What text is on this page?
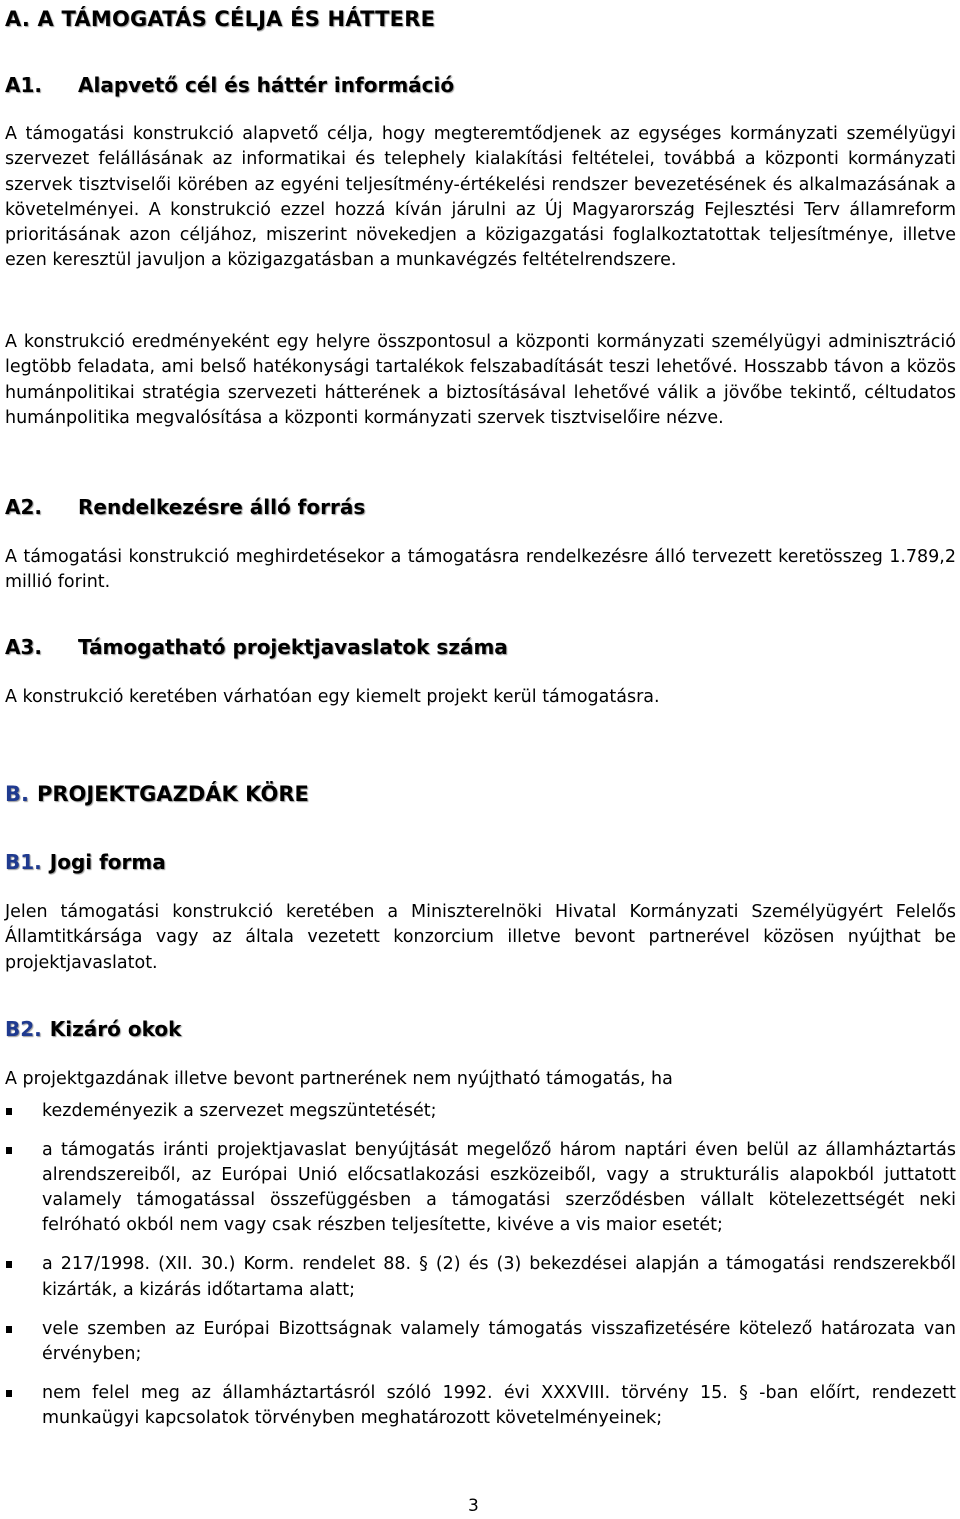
A. A TÁMOGATÁS CÉLJA ÉS HÁTTERE
A1.	Alapvető cél és háttér információ

A támogatási konstrukció alapvető célja, hogy megteremtődjenek az egységes kormányzati személyügyi szervezet felállásának az informatikai és telephely kialakítási feltételei, továbbá a központi kormányzati szervek tisztviselői körében az egyéni teljesítmény-értékelési rendszer bevezetésének és alkalmazásának a követelményei. A konstrukció ezzel hozzá kíván járulni az Új Magyarország Fejlesztési Terv államreform prioritásának azon céljához, miszerint növekedjen a közigazgatási foglalkoztatottak teljesítménye, illetve ezen keresztül javuljon a közigazgatásban a munkavégzés feltételrendszere.

A konstrukció eredményeként egy helyre összpontosul a központi kormányzati személyügyi adminisztráció legtöbb feladata, ami belső hatékonysági tartalékok felszabadítását teszi lehetővé. Hosszabb távon a közös humánpolitikai stratégia szervezeti hátterének a biztosításával lehetővé válik a jövőbe tekintő, céltudatos humánpolitika megvalósítása a központi kormányzati szervek tisztviselőire nézve.

A2.	Rendelkezésre álló forrás

A támogatási konstrukció meghirdetésekor a támogatásra rendelkezésre álló tervezett keretösszeg 1.789,2 millió forint.

A3.	Támogatható projektjavaslatok száma

A konstrukció keretében várhatóan egy kiemelt projekt kerül támogatásra.

B. PROJEKTGAZDÁK KÖRE
B1. Jogi forma

Jelen támogatási konstrukció keretében a Miniszterelnöki Hivatal Kormányzati Személyügyért Felelős Államtitkársága vagy az általa vezetett konzorcium illetve bevont partnerével közösen nyújthat be projektjavaslatot.

B2. Kizáró okok

A projektgazdának illetve bevont partnerének nem nyújtható támogatás, ha

kezdeményezik a szervezet megszüntetését;
a támogatás iránti projektjavaslat benyújtását megelőző három naptári éven belül az államháztartás alrendszereiből, az Európai Unió előcsatlakozási eszközeiből, vagy a strukturális alapokból juttatott valamely támogatással összefüggésben a támogatási szerződésben vállalt kötelezettségét neki felróható okból nem vagy csak részben teljesítette, kivéve a vis maior esetét;
a 217/1998. (XII. 30.) Korm. rendelet 88. § (2) és (3) bekezdései alapján a támogatási rendszerekből kizárták, a kizárás időtartama alatt;
vele szemben az Európai Bizottságnak valamely támogatás visszafizetésére kötelező határozata van érvényben;
nem felel meg az államháztartásról szóló 1992. évi XXXVIII. törvény 15. § -ban előírt, rendezett munkaügyi kapcsolatok törvényben meghatározott követelményeinek;
3
